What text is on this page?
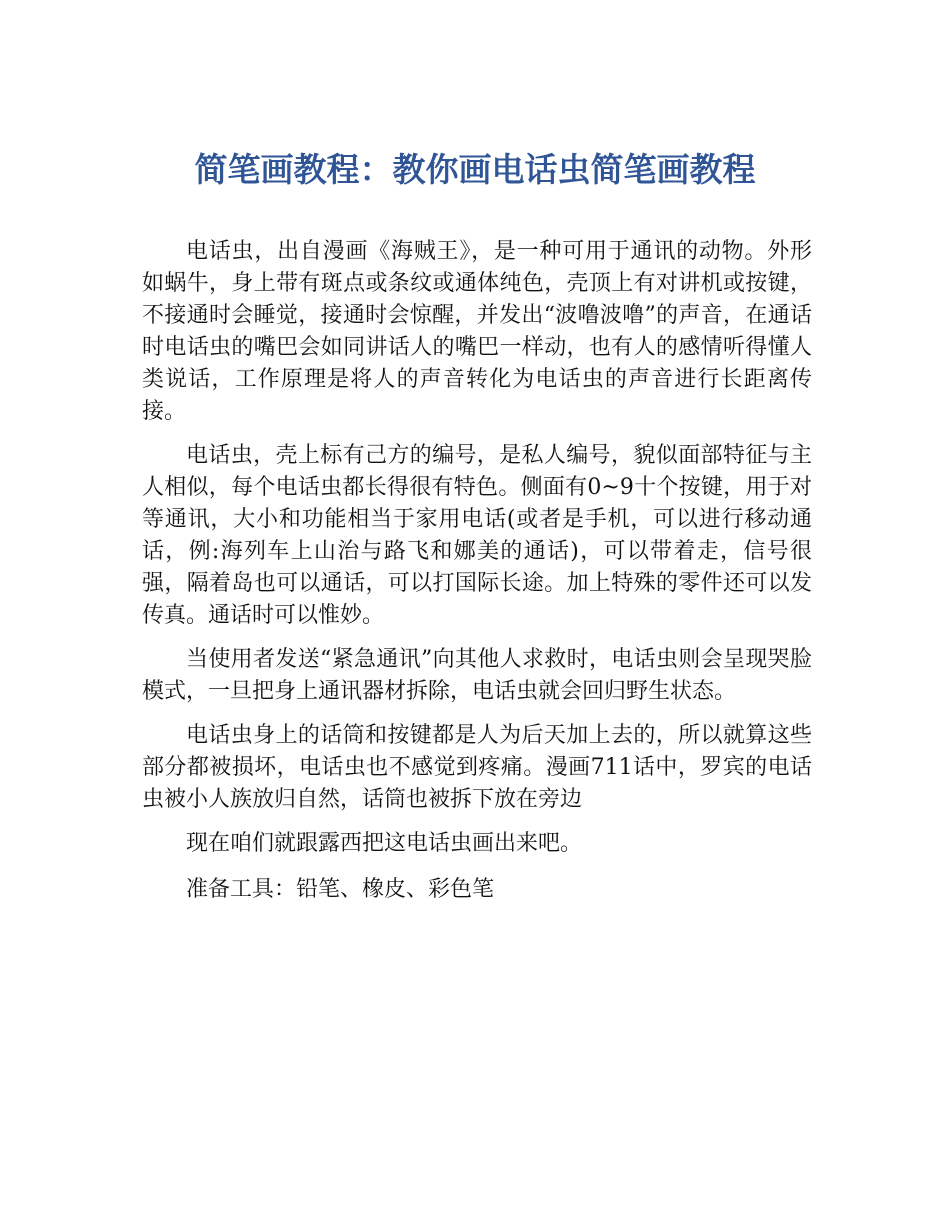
简笔画教程：教你画电话虫简笔画教程

电话虫，出自漫画《海贼王》，是一种可用于通讯的动物。外形如蜗牛，身上带有斑点或条纹或通体纯色，壳顶上有对讲机或按键，不接通时会睡觉，接通时会惊醒，并发出“波噜波噜”的声音，在通话时电话虫的嘴巴会如同讲话人的嘴巴一样动，也有人的感情听得懂人类说话，工作原理是将人的声音转化为电话虫的声音进行长距离传接。

电话虫，壳上标有己方的编号，是私人编号，貌似面部特征与主人相似，每个电话虫都长得很有特色。侧面有0~9十个按键，用于对等通讯，大小和功能相当于家用电话(或者是手机，可以进行移动通话，例:海列车上山治与路飞和娜美的通话)，可以带着走，信号很强，隔着岛也可以通话，可以打国际长途。加上特殊的零件还可以发传真。通话时可以惟妙。

当使用者发送“紧急通讯”向其他人求救时，电话虫则会呈现哭脸模式，一旦把身上通讯器材拆除，电话虫就会回归野生状态。

电话虫身上的话筒和按键都是人为后天加上去的，所以就算这些部分都被损坏，电话虫也不感觉到疼痛。漫画711话中，罗宾的电话虫被小人族放归自然，话筒也被拆下放在旁边

现在咱们就跟露西把这电话虫画出来吧。

准备工具：铅笔、橡皮、彩色笔
